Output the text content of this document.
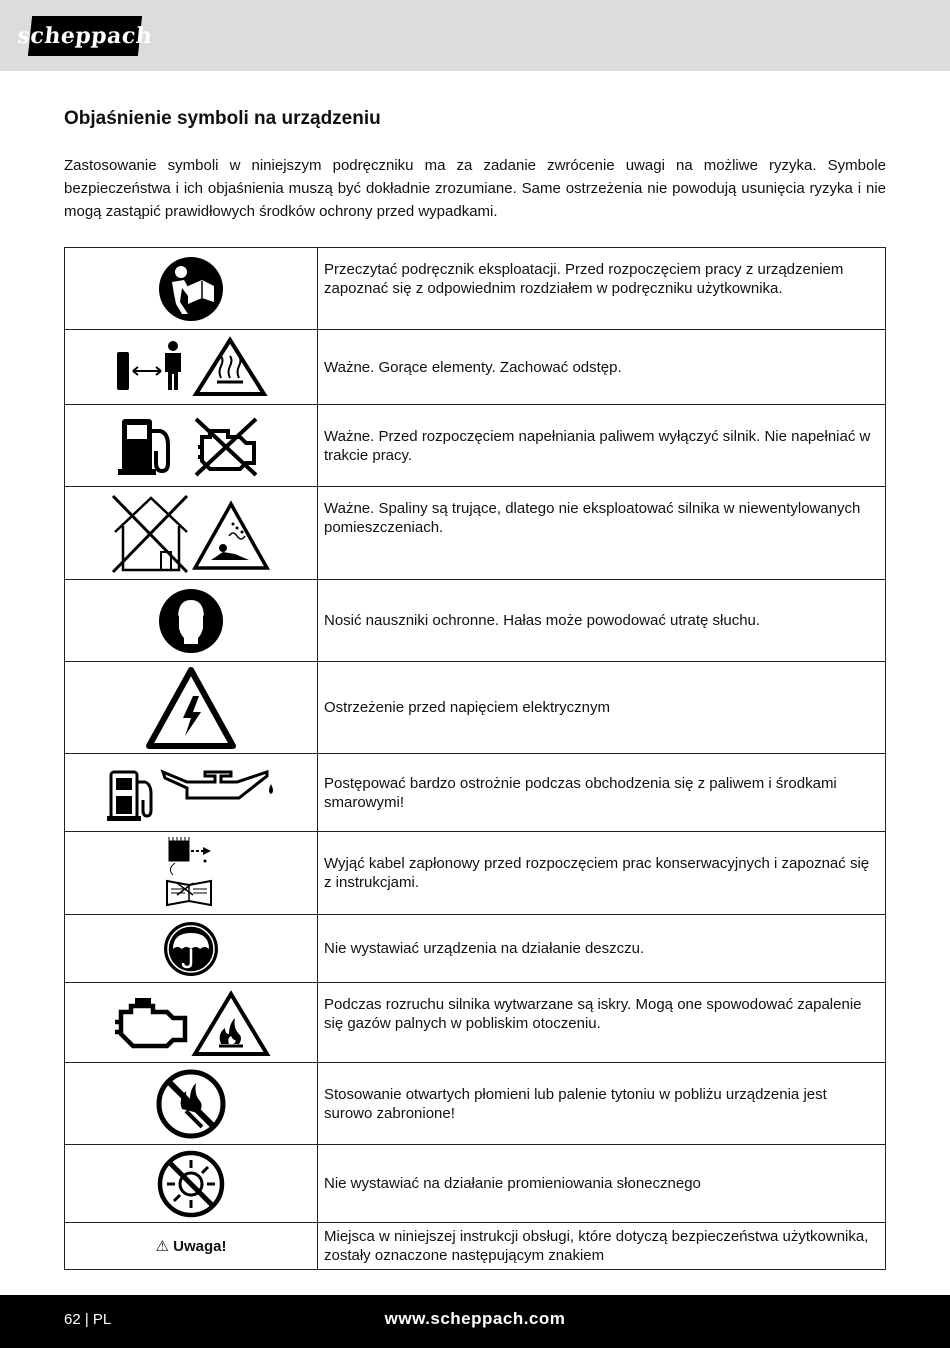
scheppach
Objaśnienie symboli na urządzeniu

Zastosowanie symboli w niniejszym podręczniku ma za zadanie zwrócenie uwagi na możliwe ryzyka. Symbole bezpieczeństwa i ich objaśnienia muszą być dokładnie zrozumiane. Same ostrzeżenia nie powodują usunięcia ryzyka i nie mogą zastąpić prawidłowych środków ochrony przed wypadkami.

	Przeczytać podręcznik eksploatacji. Przed rozpoczęciem pracy z urządzeniem zapoznać się z odpowiednim rozdziałem w podręczniku użytkownika.
	Ważne. Gorące elementy. Zachować odstęp.
	Ważne. Przed rozpoczęciem napełniania paliwem wyłączyć silnik. Nie napełniać w trakcie pracy.
	Ważne. Spaliny są trujące, dlatego nie eksploatować silnika w niewentylowanych pomieszczeniach.
	Nosić nauszniki ochronne. Hałas może powodować utratę słuchu.
	Ostrzeżenie przed napięciem elektrycznym
	Postępować bardzo ostrożnie podczas obchodzenia się z paliwem i środkami smarowymi!
	Wyjąć kabel zapłonowy przed rozpoczęciem prac konserwacyjnych i zapoznać się z instrukcjami.
	Nie wystawiać urządzenia na działanie deszczu.
	Podczas rozruchu silnika wytwarzane są iskry. Mogą one spowodować zapalenie się gazów palnych w pobliskim otoczeniu.
	Stosowanie otwartych płomieni lub palenie tytoniu w pobliżu urządzenia jest surowo zabronione!
	Nie wystawiać na działanie promieniowania słonecznego
⚠ Uwaga!	Miejsca w niniejszej instrukcji obsługi, które dotyczą bezpieczeństwa użytkownika, zostały oznaczone następującym znakiem
62 | PL	www.scheppach.com
